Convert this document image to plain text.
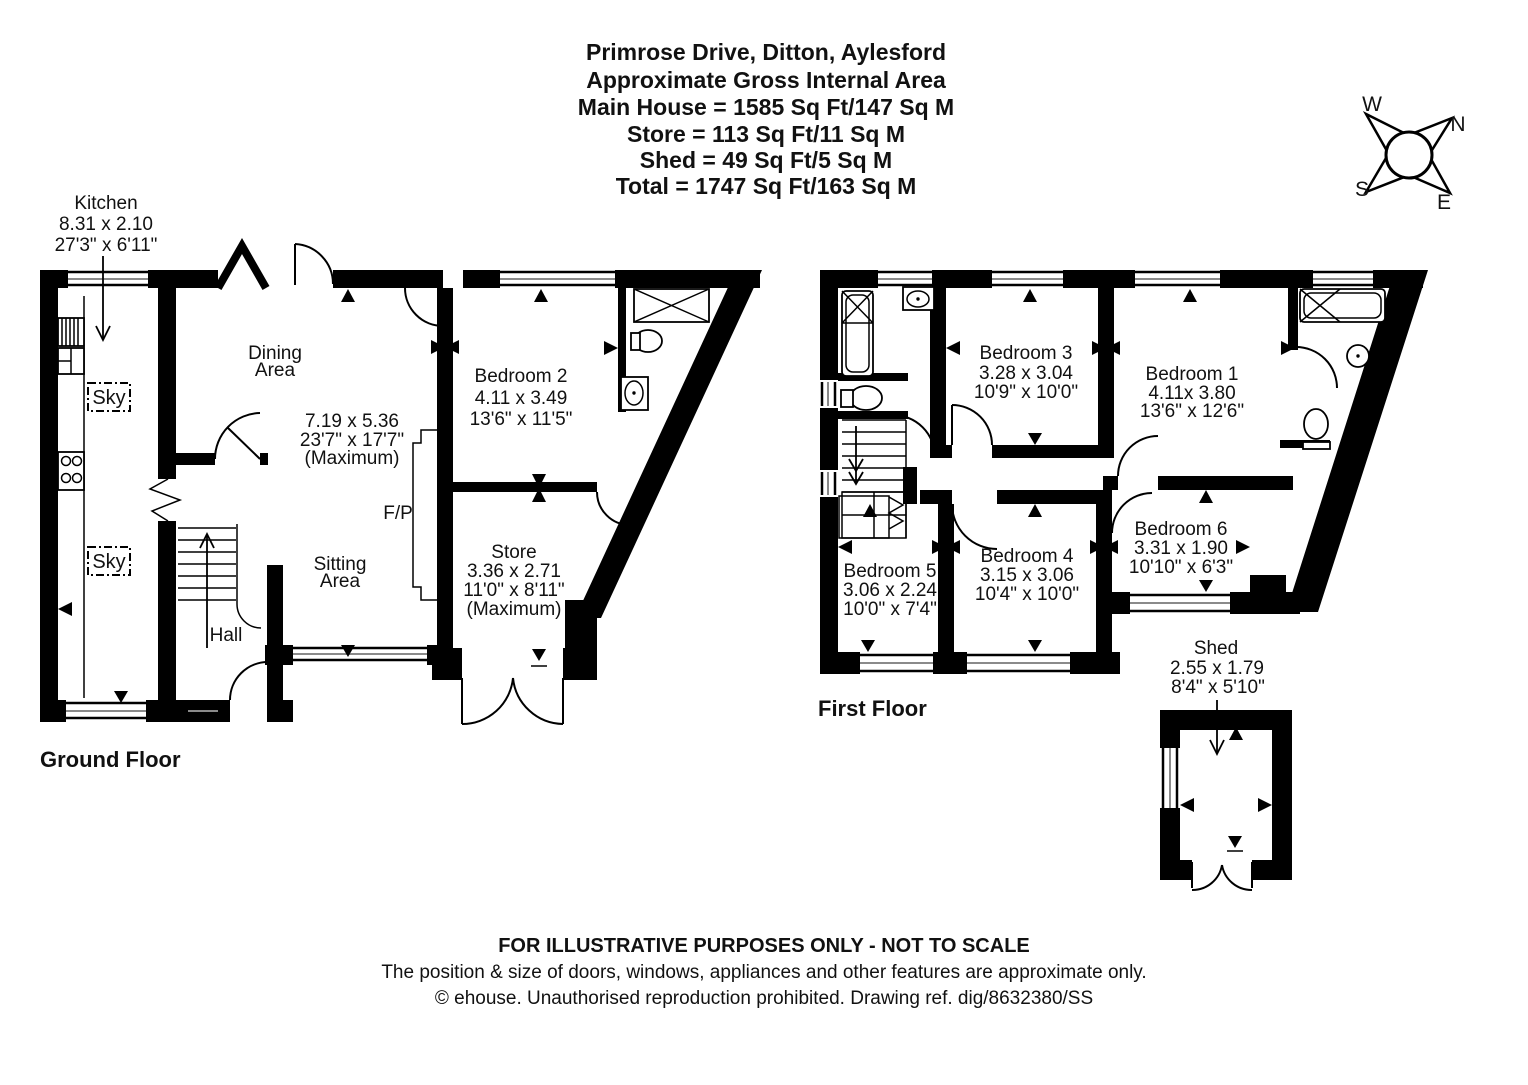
Primrose Drive, Ditton, Aylesford
Approximate Gross Internal Area
Main House = 1585 Sq Ft/147 Sq M
Store = 113 Sq Ft/11 Sq M
Shed = 49 Sq Ft/5 Sq M
Total = 1747 Sq Ft/163 Sq M
W
N
S
E
Kitchen
8.31 x 2.10
27'3" x 6'11"
Dining
Area
7.19 x 5.36
23'7" x 17'7"
(Maximum)
Bedroom 2
4.11 x 3.49
13'6" x 11'5"
F/P
Sitting
Area
Store
3.36 x 2.71
11'0" x 8'11"
(Maximum)
Hall
Sky
Sky
Ground Floor
Bedroom 3
3.28 x 3.04
10'9" x 10'0"
Bedroom 1
4.11x 3.80
13'6" x 12'6"
Bedroom 5
3.06 x 2.24
10'0" x 7'4"
Bedroom 4
3.15 x 3.06
10'4" x 10'0"
Bedroom 6
3.31 x 1.90
10'10" x 6'3"
First Floor
Shed
2.55 x 1.79
8'4" x 5'10"
FOR ILLUSTRATIVE PURPOSES ONLY - NOT TO SCALE
The position & size of doors, windows, appliances and other features are approximate only.
© ehouse. Unauthorised reproduction prohibited. Drawing ref. dig/8632380/SS
